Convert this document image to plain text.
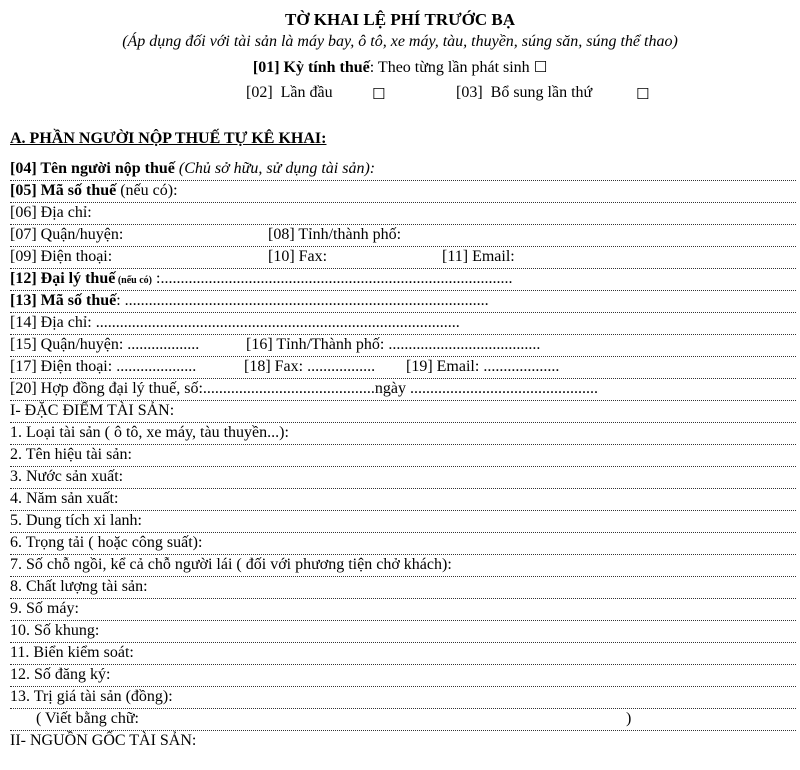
TỜ KHAI LỆ PHÍ TRƯỚC BẠ
(Áp dụng đối với tài sản là máy bay, ô tô, xe máy, tàu, thuyền, súng săn, súng thể thao)
[01] Kỳ tính thuế: Theo từng lần phát sinh ☐
[02]  Lần đầu	☐	[03]  Bổ sung lần thứ	☐
A. PHẦN NGƯỜI NỘP THUẾ TỰ KÊ KHAI:
[04] Tên người nộp thuế (Chủ sở hữu, sử dụng tài sản):
[05] Mã số thuế (nếu có):
[06] Địa chỉ:
[07] Quận/huyện:	[08] Tỉnh/thành phố:
[09] Điện thoại:	[10] Fax:	[11] Email:
[12] Đại lý thuế (nếu có) :........................................................................................
[13] Mã số thuế: ...........................................................................................
[14] Địa chỉ: ...........................................................................................
[15] Quận/huyện: ..................	[16] Tỉnh/Thành phố: ......................................
[17] Điện thoại: ....................	[18] Fax: ................. [19] Email: ...................
[20] Hợp đồng đại lý thuế, số:...........................................ngày ...............................................
I- ĐẶC ĐIỂM TÀI SẢN:
1. Loại tài sản ( ô tô, xe máy, tàu thuyền...):
2. Tên hiệu tài sản:
3. Nước sản xuất:
4. Năm sản xuất:
5. Dung tích xi lanh:
6. Trọng tải ( hoặc công suất):
7. Số chỗ ngồi, kể cả chỗ người lái ( đối với phương tiện chở khách):
8. Chất lượng tài sản:
9. Số máy:
10. Số khung:
11. Biển kiểm soát:
12. Số đăng ký:
13. Trị giá tài sản (đồng):
( Viết bằng chữ:	)
II- NGUỒN GỐC TÀI SẢN:
